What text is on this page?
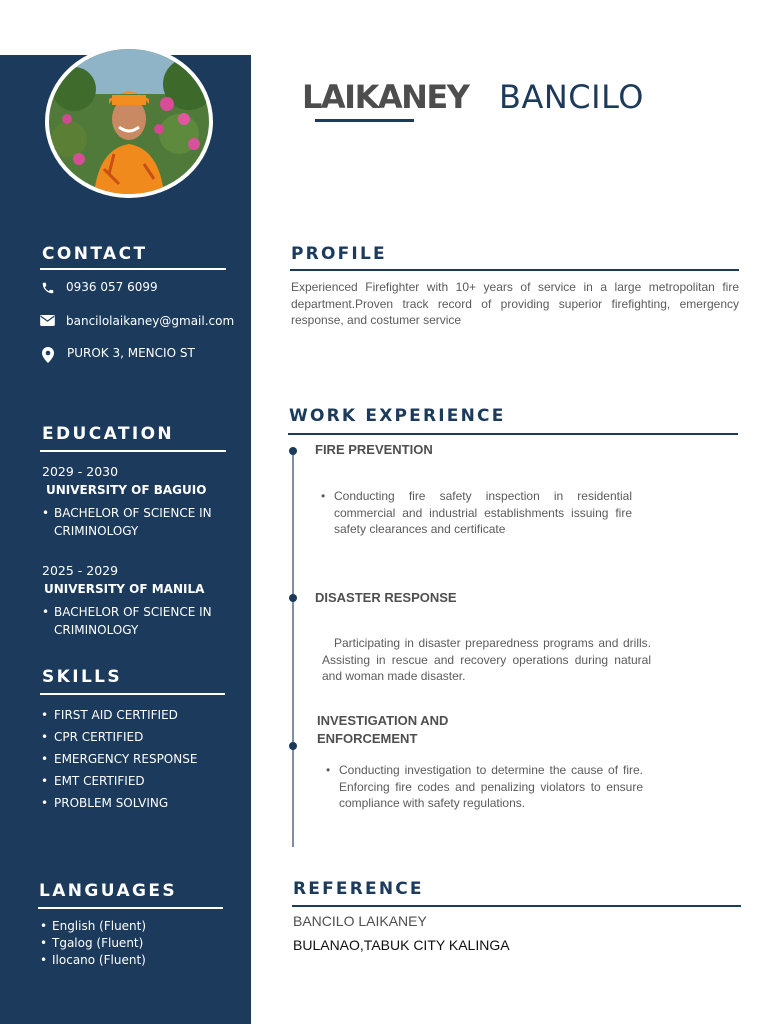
CONTACT
0936 057 6099
bancilolaikaney@gmail.com
PUROK 3, MENCIO ST
EDUCATION
2029 - 2030
UNIVERSITY OF BAGUIO
• BACHELOR OF SCIENCE IN CRIMINOLOGY
2025 - 2029
UNIVERSITY OF MANILA
• BACHELOR OF SCIENCE IN CRIMINOLOGY
SKILLS
• FIRST AID CERTIFIED
• CPR CERTIFIED
• EMERGENCY RESPONSE
• EMT CERTIFIED
• PROBLEM SOLVING
LANGUAGES
• English (Fluent)
• Tgalog (Fluent)
• Ilocano (Fluent)
LAIKANEY BANCILO
PROFILE
Experienced Firefighter with 10+ years of service in a large metropolitan fire department.Proven track record of providing superior firefighting, emergency response, and costumer service
WORK EXPERIENCE
FIRE PREVENTION
• Conducting fire safety inspection in residential commercial and industrial establishments issuing fire safety clearances and certificate
DISASTER RESPONSE
Participating in disaster preparedness programs and drills. Assisting in rescue and recovery operations during natural and woman made disaster.
INVESTIGATION AND ENFORCEMENT
• Conducting investigation to determine the cause of fire. Enforcing fire codes and penalizing violators to ensure compliance with safety regulations.
REFERENCE
BANCILO LAIKANEY
BULANAO,TABUK CITY KALINGA
